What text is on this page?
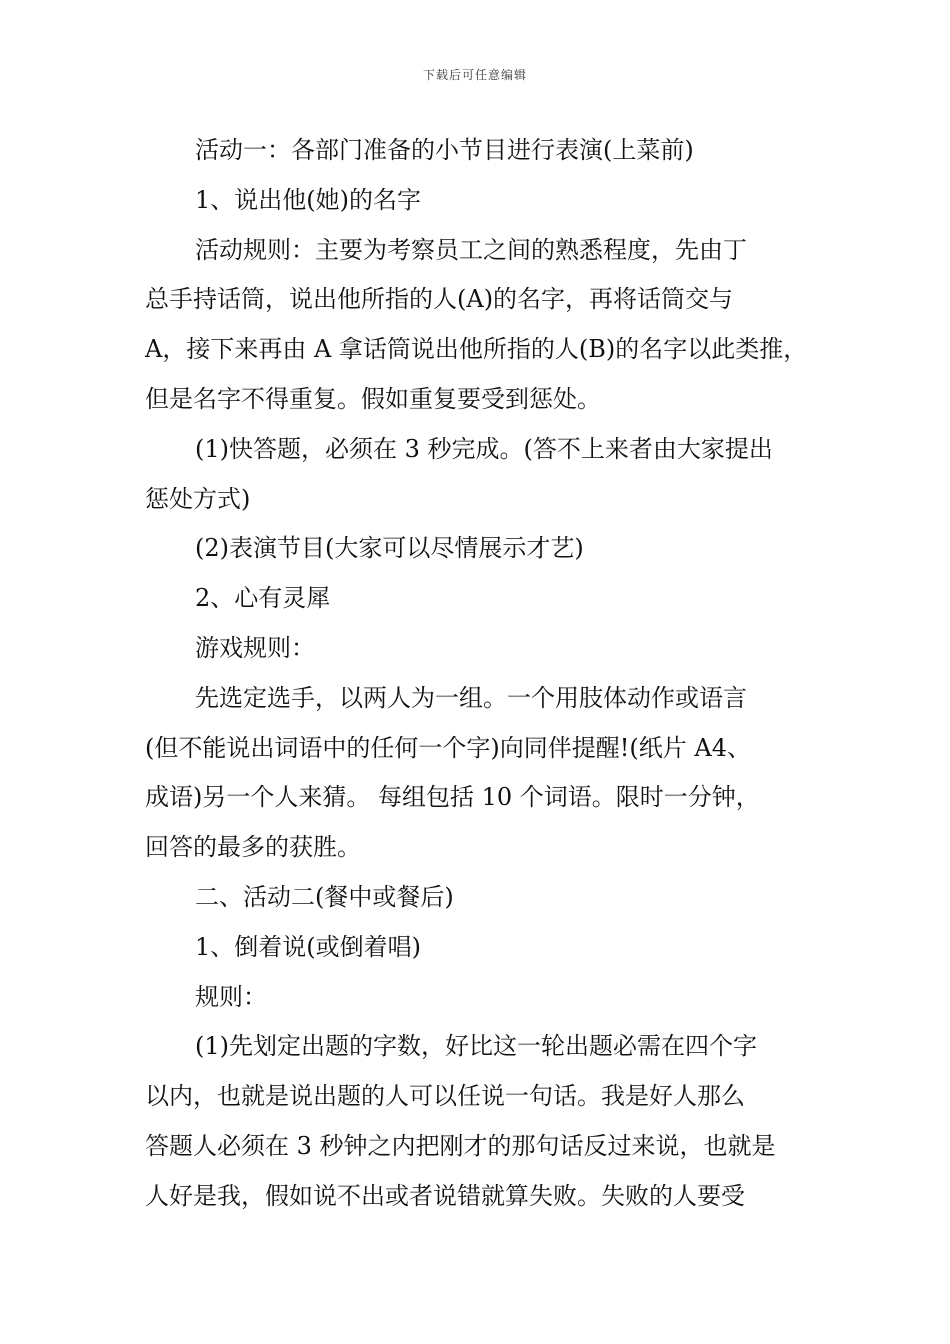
下载后可任意编辑

活动一：各部门准备的小节目进行表演(上菜前)

1、说出他(她)的名字

活动规则：主要为考察员工之间的熟悉程度，先由丁

总手持话筒，说出他所指的人(A)的名字，再将话筒交与

A，接下来再由 A 拿话筒说出他所指的人(B)的名字以此类推，

但是名字不得重复。假如重复要受到惩处。

(1)快答题，必须在 3 秒完成。(答不上来者由大家提出

惩处方式)

(2)表演节目(大家可以尽情展示才艺)

2、心有灵犀

游戏规则：

先选定选手，以两人为一组。一个用肢体动作或语言

(但不能说出词语中的任何一个字)向同伴提醒!(纸片 A4、

成语)另一个人来猜。 每组包括 10 个词语。限时一分钟，

回答的最多的获胜。

二、活动二(餐中或餐后)

1、倒着说(或倒着唱)

规则：

(1)先划定出题的字数，好比这一轮出题必需在四个字

以内，也就是说出题的人可以任说一句话。我是好人那么

答题人必须在 3 秒钟之内把刚才的那句话反过来说，也就是

人好是我，假如说不出或者说错就算失败。失败的人要受
